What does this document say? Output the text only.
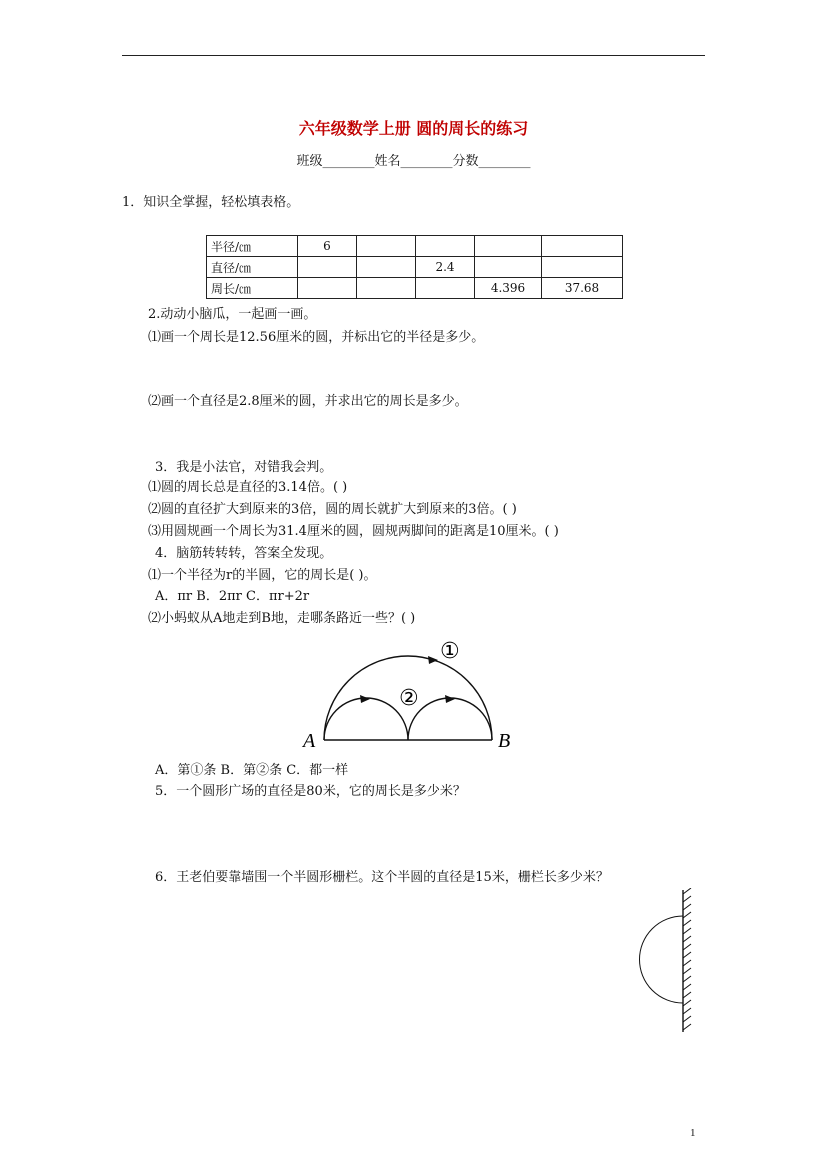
六年级数学上册 圆的周长的练习
班级________姓名________分数________
1．知识全掌握，轻松填表格。
半径/㎝	6				
直径/㎝			2.4		
周长/㎝				4.396	37.68
2.动动小脑瓜，一起画一画。
⑴画一个周长是12.56厘米的圆，并标出它的半径是多少。
⑵画一个直径是2.8厘米的圆，并求出它的周长是多少。
3．我是小法官，对错我会判。
⑴圆的周长总是直径的3.14倍。( )
⑵圆的直径扩大到原来的3倍，圆的周长就扩大到原来的3倍。( )
⑶用圆规画一个周长为31.4厘米的圆，圆规两脚间的距离是10厘米。( )
4．脑筋转转转，答案全发现。
⑴一个半径为r的半圆，它的周长是( )。
A．πr B．2πr C．πr+2r
⑵小蚂蚁从A地走到B地，走哪条路近一些？( )
A	B
①
②
A．第①条 B．第②条 C．都一样
5．一个圆形广场的直径是80米，它的周长是多少米？
6．王老伯要靠墙围一个半圆形栅栏。这个半圆的直径是15米，栅栏长多少米？
1
